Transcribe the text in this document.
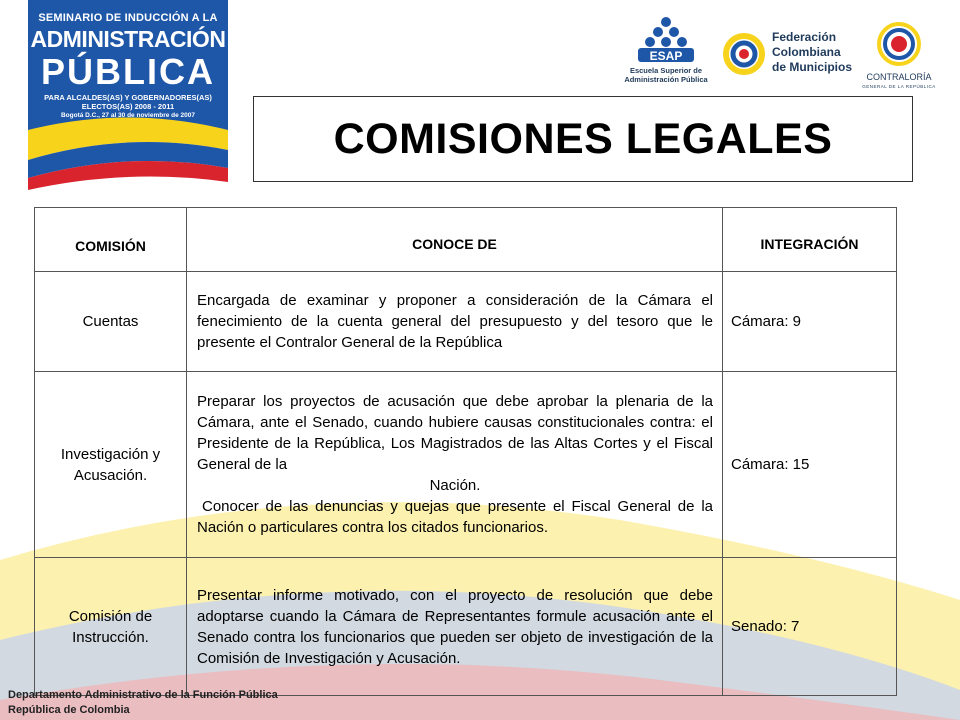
SEMINARIO DE INDUCCIÓN A LA
ADMINISTRACIÓN
PÚBLICA
PARA ALCALDES(AS) Y GOBERNADORES(AS)
ELECTOS(AS) 2008 - 2011
Bogotá D.C., 27 al 30 de noviembre de 2007
ESAP
Escuela Superior de
Administración Pública
Federación
Colombiana
de Municipios
CONTRALORÍA
GENERAL DE LA REPÚBLICA
COMISIONES LEGALES
COMISIÓN	CONOCE DE	INTEGRACIÓN
Cuentas	Encargada de examinar y proponer a consideración de la Cámara el fenecimiento de la cuenta general del presupuesto y del tesoro que le presente el Contralor General de la República	Cámara: 9
Investigación y Acusación.	Preparar los proyectos de acusación que debe aprobar la plenaria de la Cámara, ante el Senado, cuando hubiere causas constitucionales contra: el Presidente de la República, Los Magistrados de las Altas Cortes y el Fiscal General de la
Nación.
Conocer de las denuncias y quejas que presente el Fiscal General de la Nación o particulares contra los citados funcionarios.	Cámara: 15
Comisión de Instrucción.	Presentar informe motivado, con el proyecto de resolución que debe adoptarse cuando la Cámara de Representantes formule acusación ante el Senado contra los funcionarios que pueden ser objeto de investigación de la Comisión de Investigación y Acusación.	Senado: 7
Departamento Administrativo de la Función Pública
República de Colombia
